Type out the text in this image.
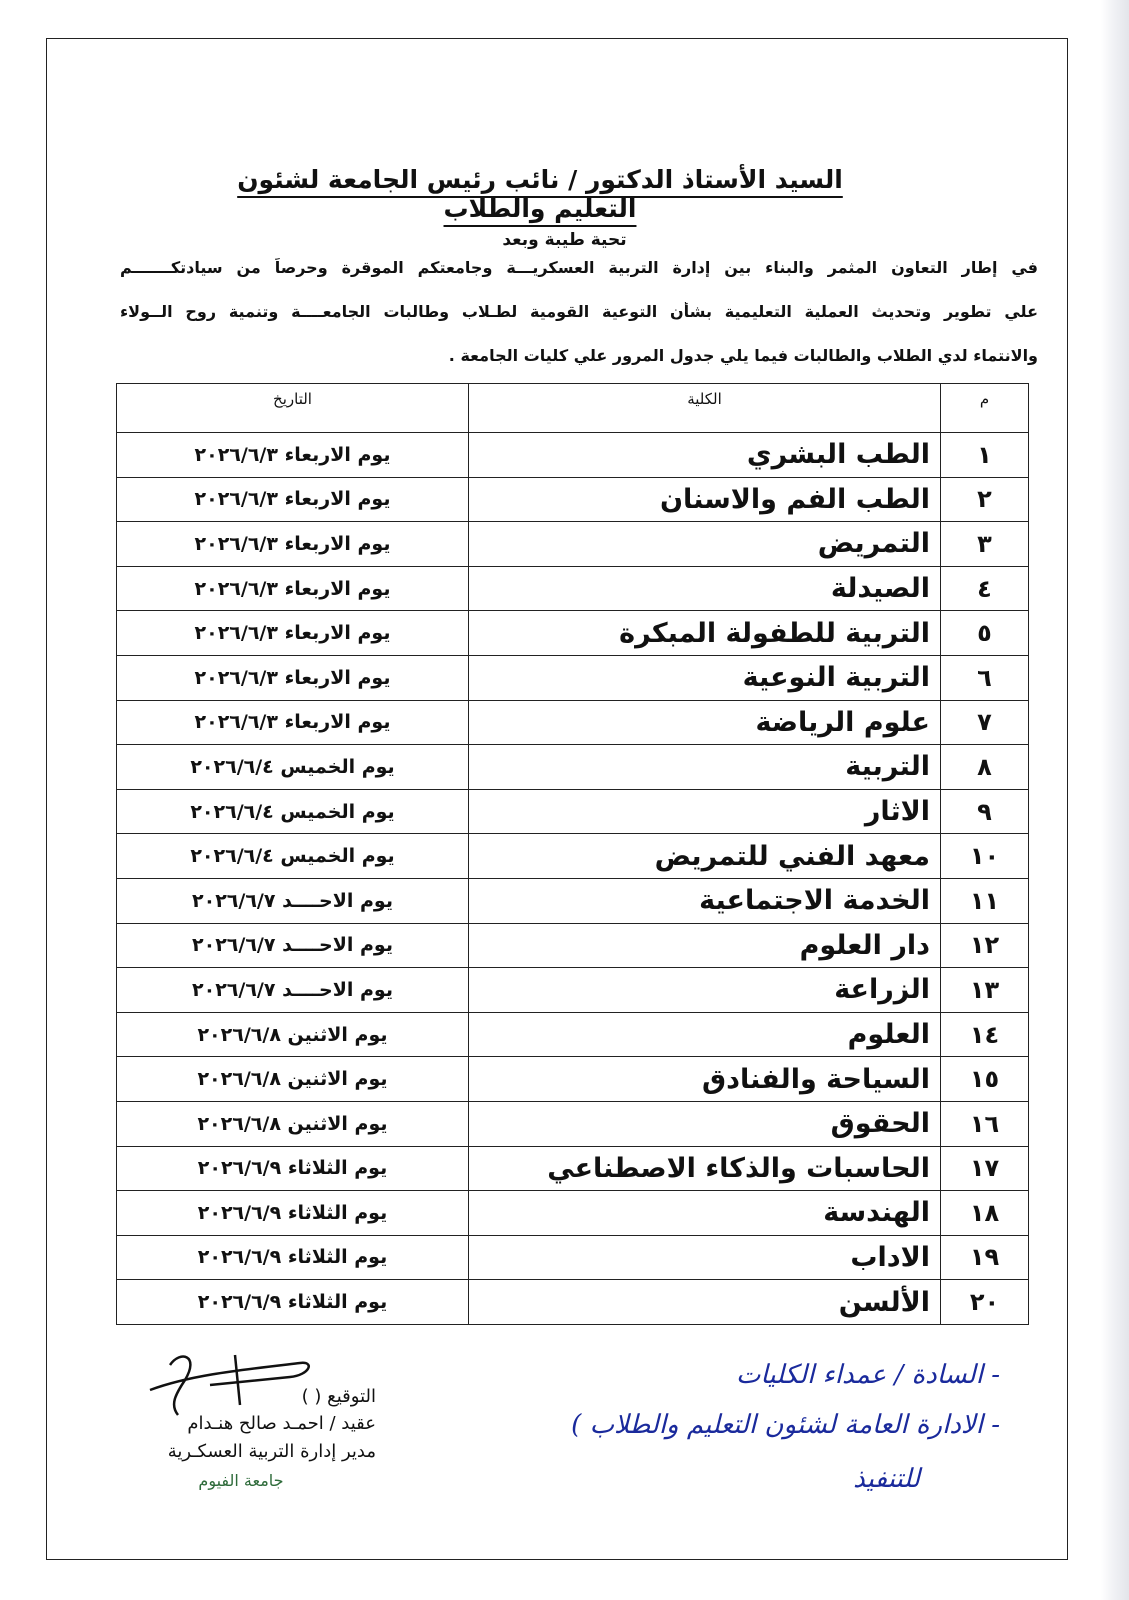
السيد الأستاذ الدكتور / نائب رئيس الجامعة لشئون التعليم والطلاب
تحية طيبة وبعد
في إطار التعاون المثمر والبناء بين إدارة التربية العسكريـــة وجامعتكم الموقرة وحرصاً من سيادتكـــــــم
علي تطوير وتحديث العملية التعليمية بشأن التوعية القومية لطـلاب وطالبات الجامعــــة وتنمية روح الــولاء
والانتماء لدي الطلاب والطالبات فيما يلي جدول المرور علي كليات الجامعة .
م	الكلية	التاريخ
١	الطب البشري	يوم الاربعاء ٢٠٢٦/٦/٣
٢	الطب الفم والاسنان	يوم الاربعاء ٢٠٢٦/٦/٣
٣	التمريض	يوم الاربعاء ٢٠٢٦/٦/٣
٤	الصيدلة	يوم الاربعاء ٢٠٢٦/٦/٣
٥	التربية للطفولة المبكرة	يوم الاربعاء ٢٠٢٦/٦/٣
٦	التربية النوعية	يوم الاربعاء ٢٠٢٦/٦/٣
٧	علوم الرياضة	يوم الاربعاء ٢٠٢٦/٦/٣
٨	التربية	يوم الخميس ٢٠٢٦/٦/٤
٩	الاثار	يوم الخميس ٢٠٢٦/٦/٤
١٠	معهد الفني للتمريض	يوم الخميس ٢٠٢٦/٦/٤
١١	الخدمة الاجتماعية	يوم الاحــــد ٢٠٢٦/٦/٧
١٢	دار العلوم	يوم الاحــــد ٢٠٢٦/٦/٧
١٣	الزراعة	يوم الاحــــد ٢٠٢٦/٦/٧
١٤	العلوم	يوم الاثنين ٢٠٢٦/٦/٨
١٥	السياحة والفنادق	يوم الاثنين ٢٠٢٦/٦/٨
١٦	الحقوق	يوم الاثنين ٢٠٢٦/٦/٨
١٧	الحاسبات والذكاء الاصطناعي	يوم الثلاثاء ٢٠٢٦/٦/٩
١٨	الهندسة	يوم الثلاثاء ٢٠٢٦/٦/٩
١٩	الاداب	يوم الثلاثاء ٢٠٢٦/٦/٩
٢٠	الألسن	يوم الثلاثاء ٢٠٢٦/٦/٩
التوقيع ( )
عقيد / احمـد صالح هنـدام
مدير إدارة التربية العسكـرية
جامعة الفيوم
- السادة / عمداء الكليات
- الادارة العامة لشئون التعليم والطلاب )
للتنفيذ
